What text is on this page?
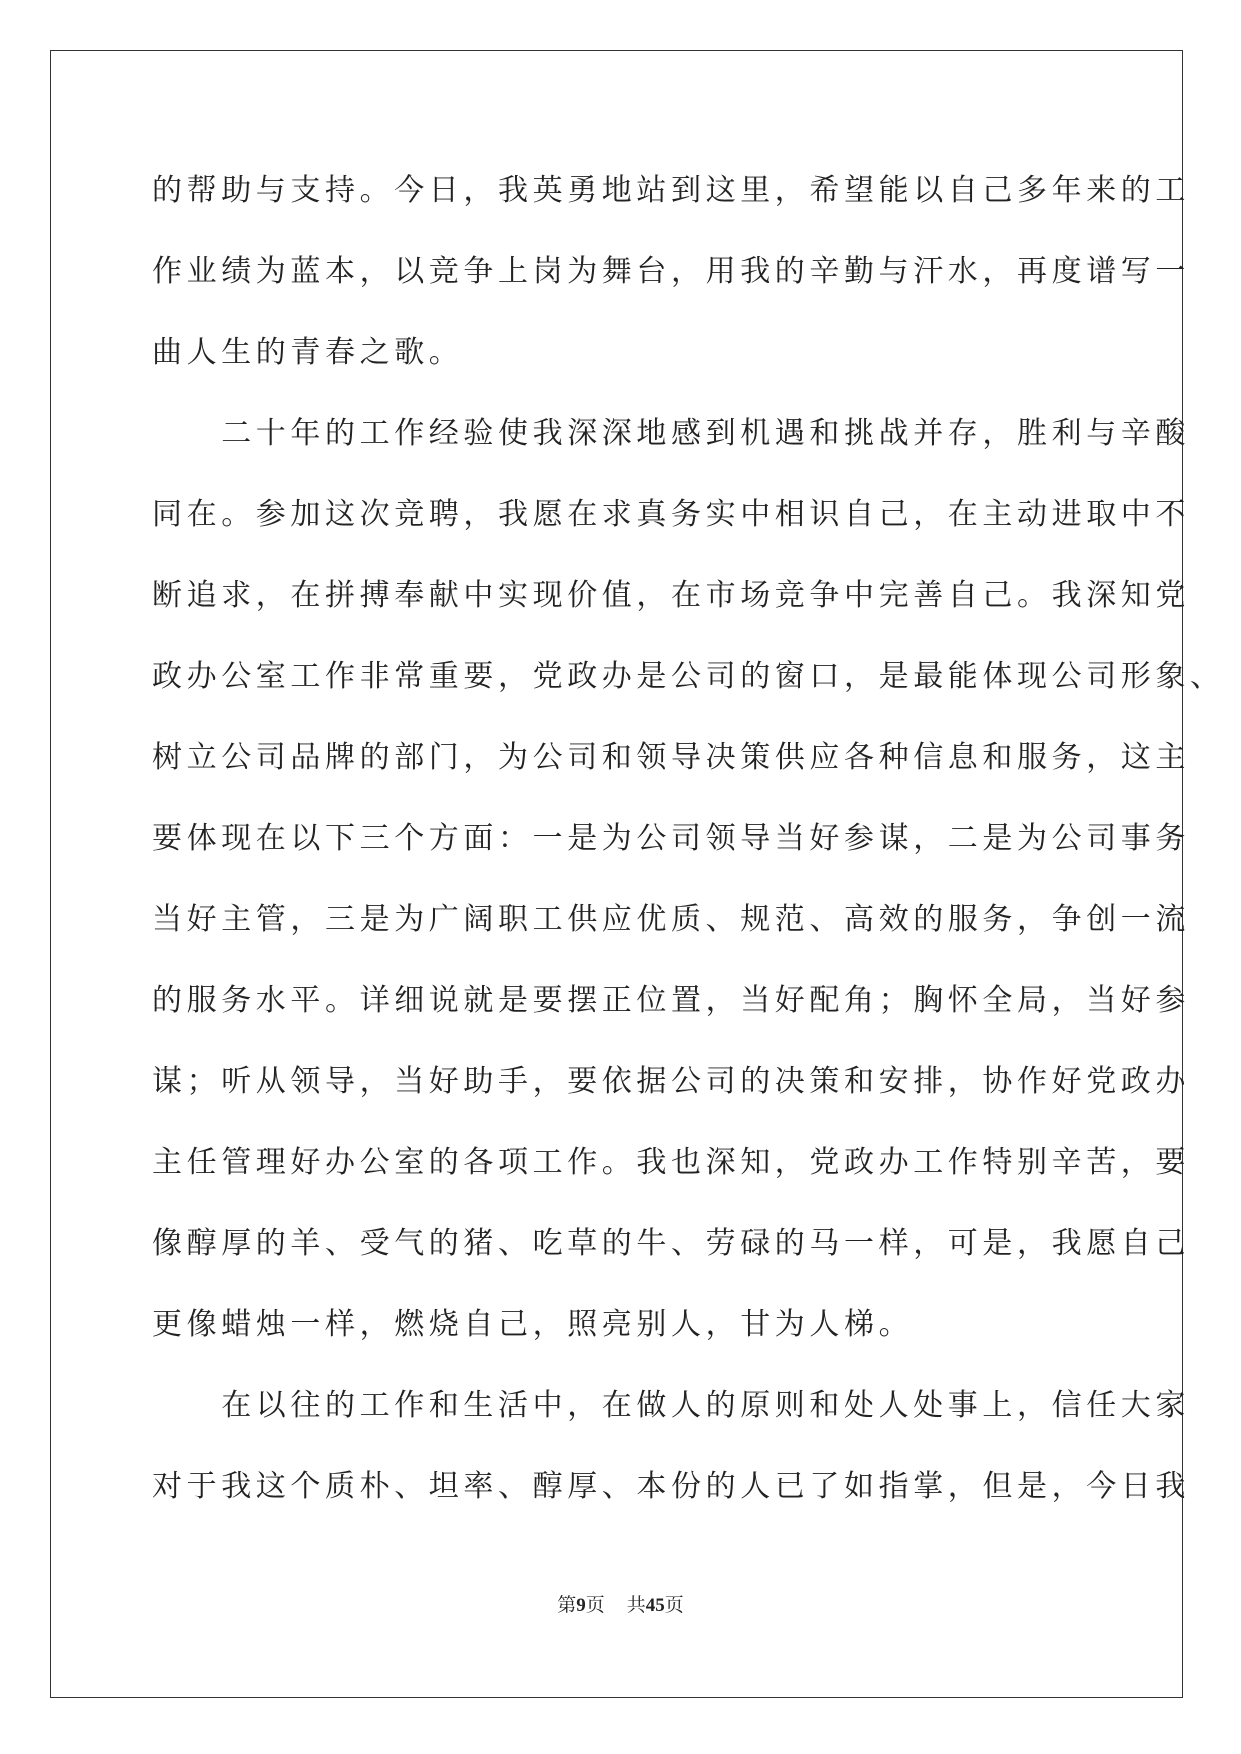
的帮助与支持。今日，我英勇地站到这里，希望能以自己多年来的工
作业绩为蓝本，以竞争上岗为舞台，用我的辛勤与汗水，再度谱写一
曲人生的青春之歌。
　　二十年的工作经验使我深深地感到机遇和挑战并存，胜利与辛酸
同在。参加这次竞聘，我愿在求真务实中相识自己，在主动进取中不
断追求，在拼搏奉献中实现价值，在市场竞争中完善自己。我深知党
政办公室工作非常重要，党政办是公司的窗口，是最能体现公司形象、
树立公司品牌的部门，为公司和领导决策供应各种信息和服务，这主
要体现在以下三个方面：一是为公司领导当好参谋，二是为公司事务
当好主管，三是为广阔职工供应优质、规范、高效的服务，争创一流
的服务水平。详细说就是要摆正位置，当好配角；胸怀全局，当好参
谋；听从领导，当好助手，要依据公司的决策和安排，协作好党政办
主任管理好办公室的各项工作。我也深知，党政办工作特别辛苦，要
像醇厚的羊、受气的猪、吃草的牛、劳碌的马一样，可是，我愿自己
更像蜡烛一样，燃烧自己，照亮别人，甘为人梯。
　　在以往的工作和生活中，在做人的原则和处人处事上，信任大家
对于我这个质朴、坦率、醇厚、本份的人已了如指掌，但是，今日我
第9页 共45页
